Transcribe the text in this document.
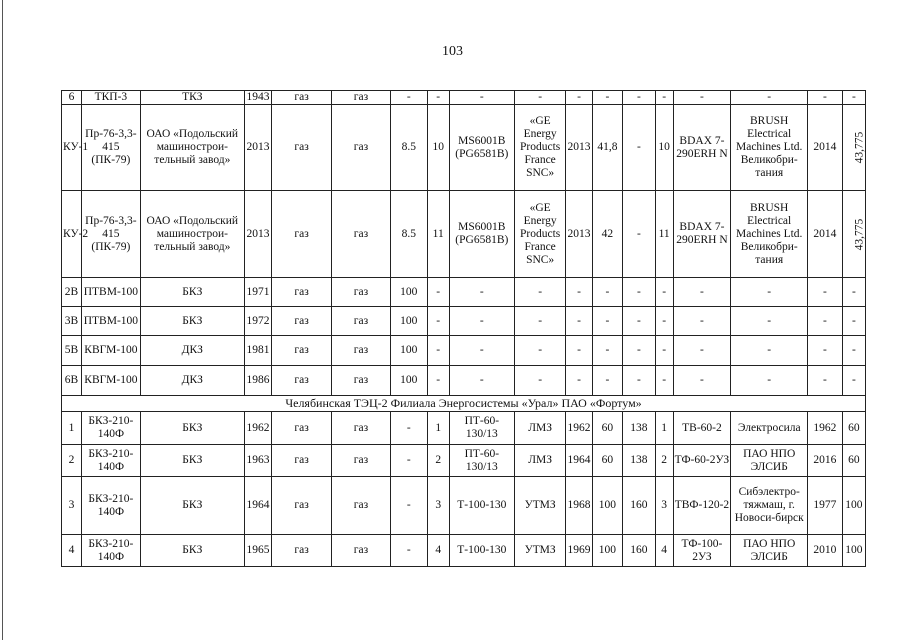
103
6	ТКП-3	ТКЗ	1943	газ	газ	-	-	-	-	-	-	-	-	-	-	-	-
КУ-1	Пр-76-3,3-415 (ПК-79)	ОАО «Подольский машинострои-тельный завод»	2013	газ	газ	8.5	10	MS6001B (PG6581B)	«GE Energy Products France SNC»	2013	41,8	-	10	BDAX 7-290ERH N	BRUSH Electrical Machines Ltd. Великобри-тания	2014	43,775
КУ-2	Пр-76-3,3-415 (ПК-79)	ОАО «Подольский машинострои-тельный завод»	2013	газ	газ	8.5	11	MS6001B (PG6581B)	«GE Energy Products France SNC»	2013	42	-	11	BDAX 7-290ERH N	BRUSH Electrical Machines Ltd. Великобри-тания	2014	43,775
2В	ПТВМ-100	БКЗ	1971	газ	газ	100	-	-	-	-	-	-	-	-	-	-	-
3В	ПТВМ-100	БКЗ	1972	газ	газ	100	-	-	-	-	-	-	-	-	-	-	-
5В	КВГМ-100	ДКЗ	1981	газ	газ	100	-	-	-	-	-	-	-	-	-	-	-
6В	КВГМ-100	ДКЗ	1986	газ	газ	100	-	-	-	-	-	-	-	-	-	-	-
Челябинская ТЭЦ-2 Филиала Энергосистемы «Урал» ПАО «Фортум»																	
1	БКЗ-210-140Ф	БКЗ	1962	газ	газ	-	1	ПТ-60-130/13	ЛМЗ	1962	60	138	1	ТВ-60-2	Электросила	1962	60
2	БКЗ-210-140Ф	БКЗ	1963	газ	газ	-	2	ПТ-60-130/13	ЛМЗ	1964	60	138	2	ТФ-60-2УЗ	ПАО НПО ЭЛСИБ	2016	60
3	БКЗ-210-140Ф	БКЗ	1964	газ	газ	-	3	Т-100-130	УТМЗ	1968	100	160	3	ТВФ-120-2	Сибэлектро-тяжмаш, г. Новоси-бирск	1977	100
4	БКЗ-210-140Ф	БКЗ	1965	газ	газ	-	4	Т-100-130	УТМЗ	1969	100	160	4	ТФ-100-2УЗ	ПАО НПО ЭЛСИБ	2010	100
